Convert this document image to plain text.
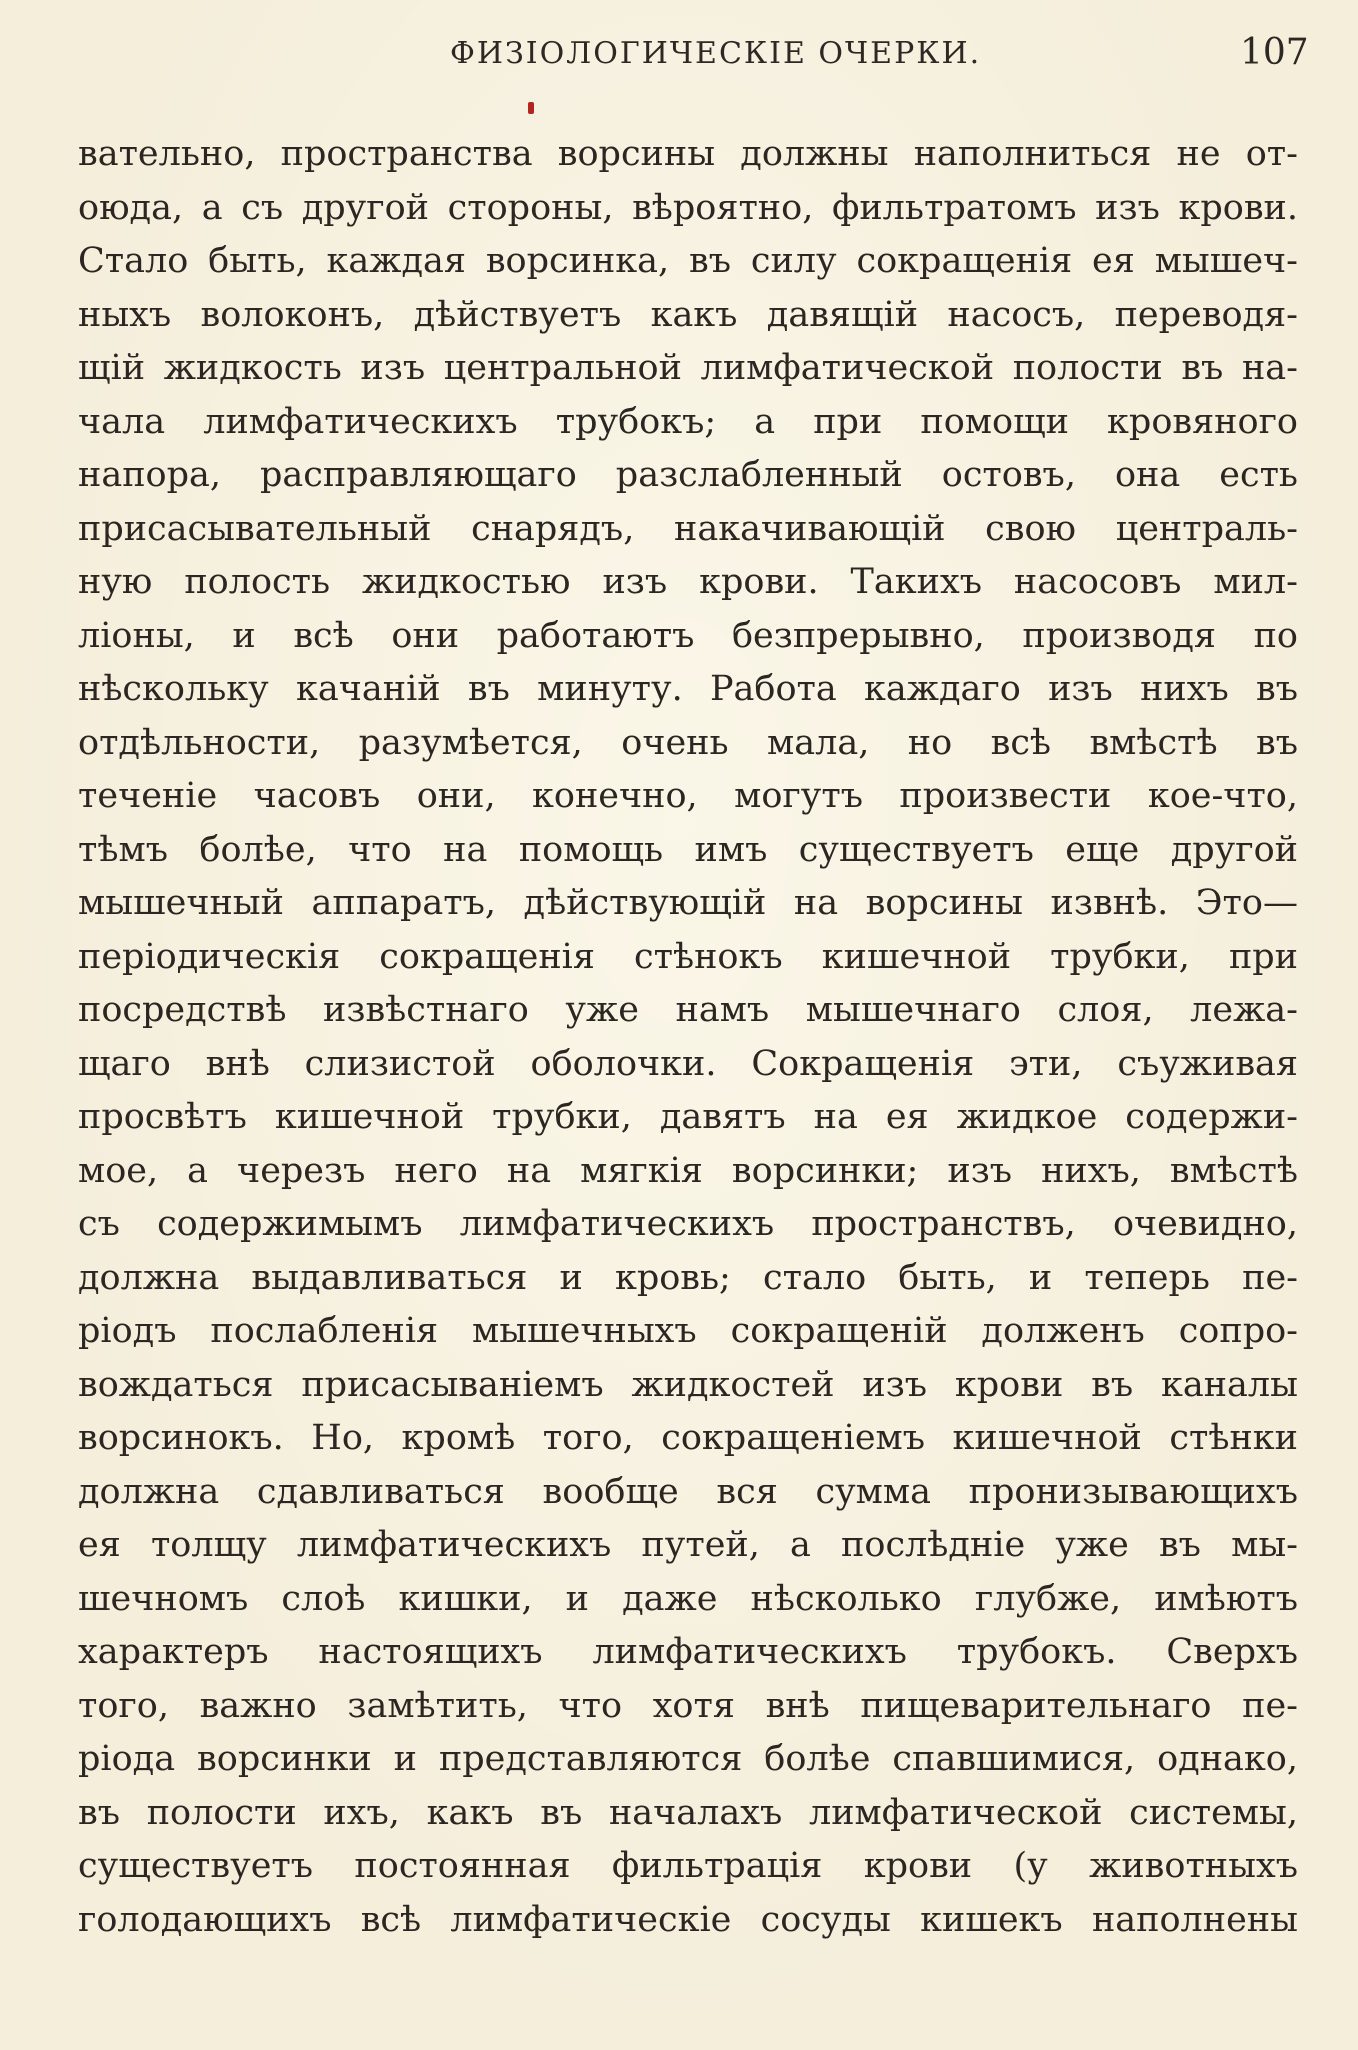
ФИЗIОЛОГИЧЕСКIЕ ОЧЕРКИ.	107
вательно, пространства ворсины должны наполниться не от-
оюда, а съ другой стороны, вѣроятно, фильтратомъ изъ крови.
Стало быть, каждая ворсинка, въ силу сокращенiя ея мышеч-
ныхъ волоконъ, дѣйствуетъ какъ давящiй насосъ, переводя-
щiй жидкость изъ центральной лимфатической полости въ на-
чала лимфатическихъ трубокъ; а при помощи кровяного
напора, расправляющаго разслабленный остовъ, она есть
присасывательный снарядъ, накачивающiй свою централь-
ную полость жидкостью изъ крови. Такихъ насосовъ мил-
лiоны, и всѣ они работаютъ безпрерывно, производя по
нѣскольку качанiй въ минуту. Работа каждаго изъ нихъ въ
отдѣльности, разумѣется, очень мала, но всѣ вмѣстѣ въ
теченiе часовъ они, конечно, могутъ произвести кое-что,
тѣмъ болѣе, что на помощь имъ существуетъ еще другой
мышечный аппаратъ, дѣйствующiй на ворсины извнѣ. Это—
перiодическiя сокращенiя стѣнокъ кишечной трубки, при
посредствѣ извѣстнаго уже намъ мышечнаго слоя, лежа-
щаго внѣ слизистой оболочки. Сокращенiя эти, съуживая
просвѣтъ кишечной трубки, давятъ на ея жидкое содержи-
мое, а черезъ него на мягкiя ворсинки; изъ нихъ, вмѣстѣ
съ содержимымъ лимфатическихъ пространствъ, очевидно,
должна выдавливаться и кровь; стало быть, и теперь пе-
рiодъ послабленiя мышечныхъ сокращенiй долженъ сопро-
вождаться присасыванiемъ жидкостей изъ крови въ каналы
ворсинокъ. Но, кромѣ того, сокращенiемъ кишечной стѣнки
должна сдавливаться вообще вся сумма пронизывающихъ
ея толщу лимфатическихъ путей, а послѣднiе уже въ мы-
шечномъ слоѣ кишки, и даже нѣсколько глубже, имѣютъ
характеръ настоящихъ лимфатическихъ трубокъ. Сверхъ
того, важно замѣтить, что хотя внѣ пищеварительнаго пе-
рiода ворсинки и представляются болѣе спавшимися, однако,
въ полости ихъ, какъ въ началахъ лимфатической системы,
существуетъ постоянная фильтрацiя крови (у животныхъ
голодающихъ всѣ лимфатическiе сосуды кишекъ наполнены
